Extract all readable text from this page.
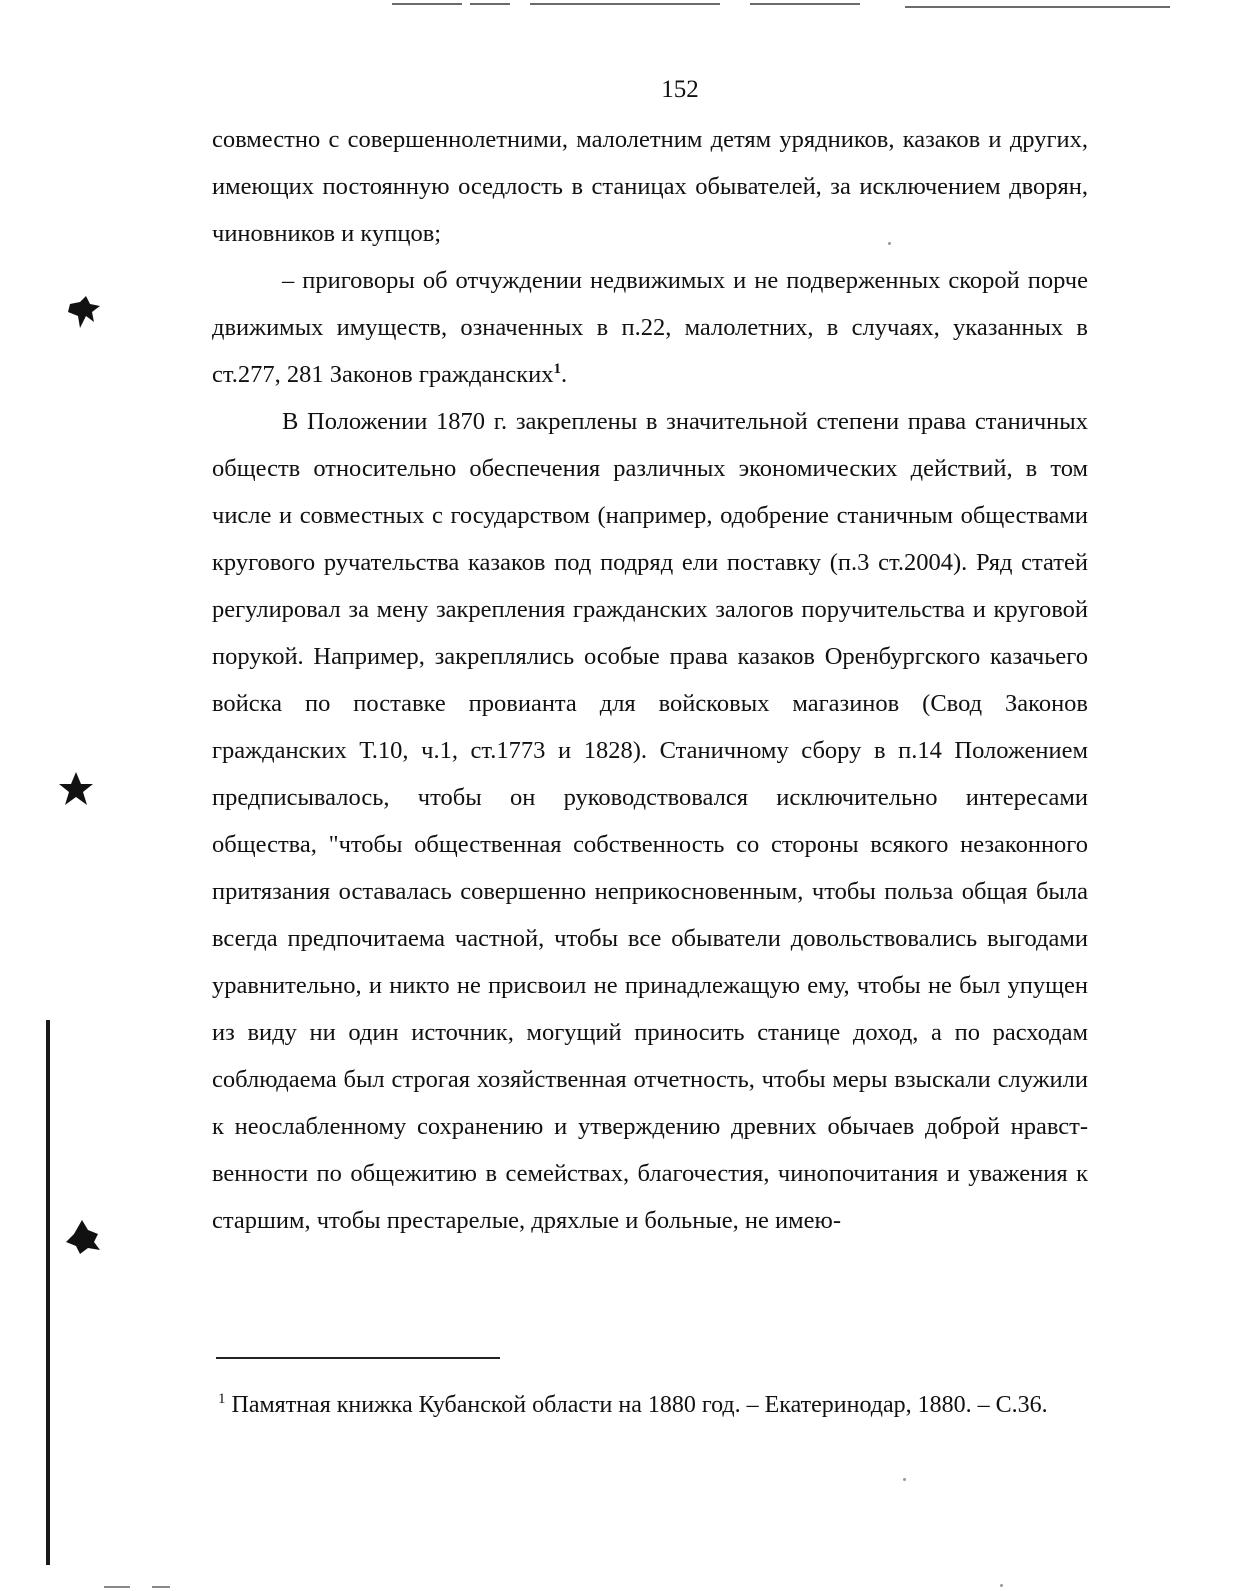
152

совместно с совершеннолетними, малолетним детям урядников, казаков и других, имеющих постоянную оседлость в станицах обывателей, за исключением дворян, чиновников и купцов;

– приговоры об отчуждении недвижимых и не подверженных скорой порче движимых имуществ, означенных в п.22, малолетних, в случаях, указанных в ст.277, 281 Законов гражданских$^1$.

В Положении 1870 г. закреплены в значительной степени права станичных обществ относительно обеспечения различных экономических действий, в том числе и совместных с государством (например, одобрение станичным обществами кругового ручательства казаков под подряд ели поставку (п.3 ст.2004). Ряд статей регулировал за мену закрепления гражданских залогов поручительства и круговой порукой. Например, закреплялись особые права казаков Оренбургского казачьего войска по поставке провианта для войсковых магазинов (Свод Законов гражданских Т.10, ч.1, ст.1773 и 1828). Станичному сбору в п.14 Положением предписывалось, чтобы он руководствовался исключительно интересами общества, "чтобы общественная собственность со стороны всякого незаконного притязания оставалась совершенно неприкосновенным, чтобы польза общая была всегда предпочитаема частной, чтобы все обыватели довольствовались выгодами уравнительно, и никто не присвоил не принадлежащую ему, чтобы не был упущен из виду ни один источник, могущий приносить станице доход, а по расходам соблюдаема был строгая хозяйственная отчетность, чтобы меры взыскали служили к неослабленному сохранению и утверждению древних обычаев доброй нравственности по общежитию в семействах, благочестия, чинопочитания и уважения к старшим, чтобы престарелые, дряхлые и больные, не имею-

$^1$ Памятная книжка Кубанской области на 1880 год. – Екатеринодар, 1880. – С.36.
